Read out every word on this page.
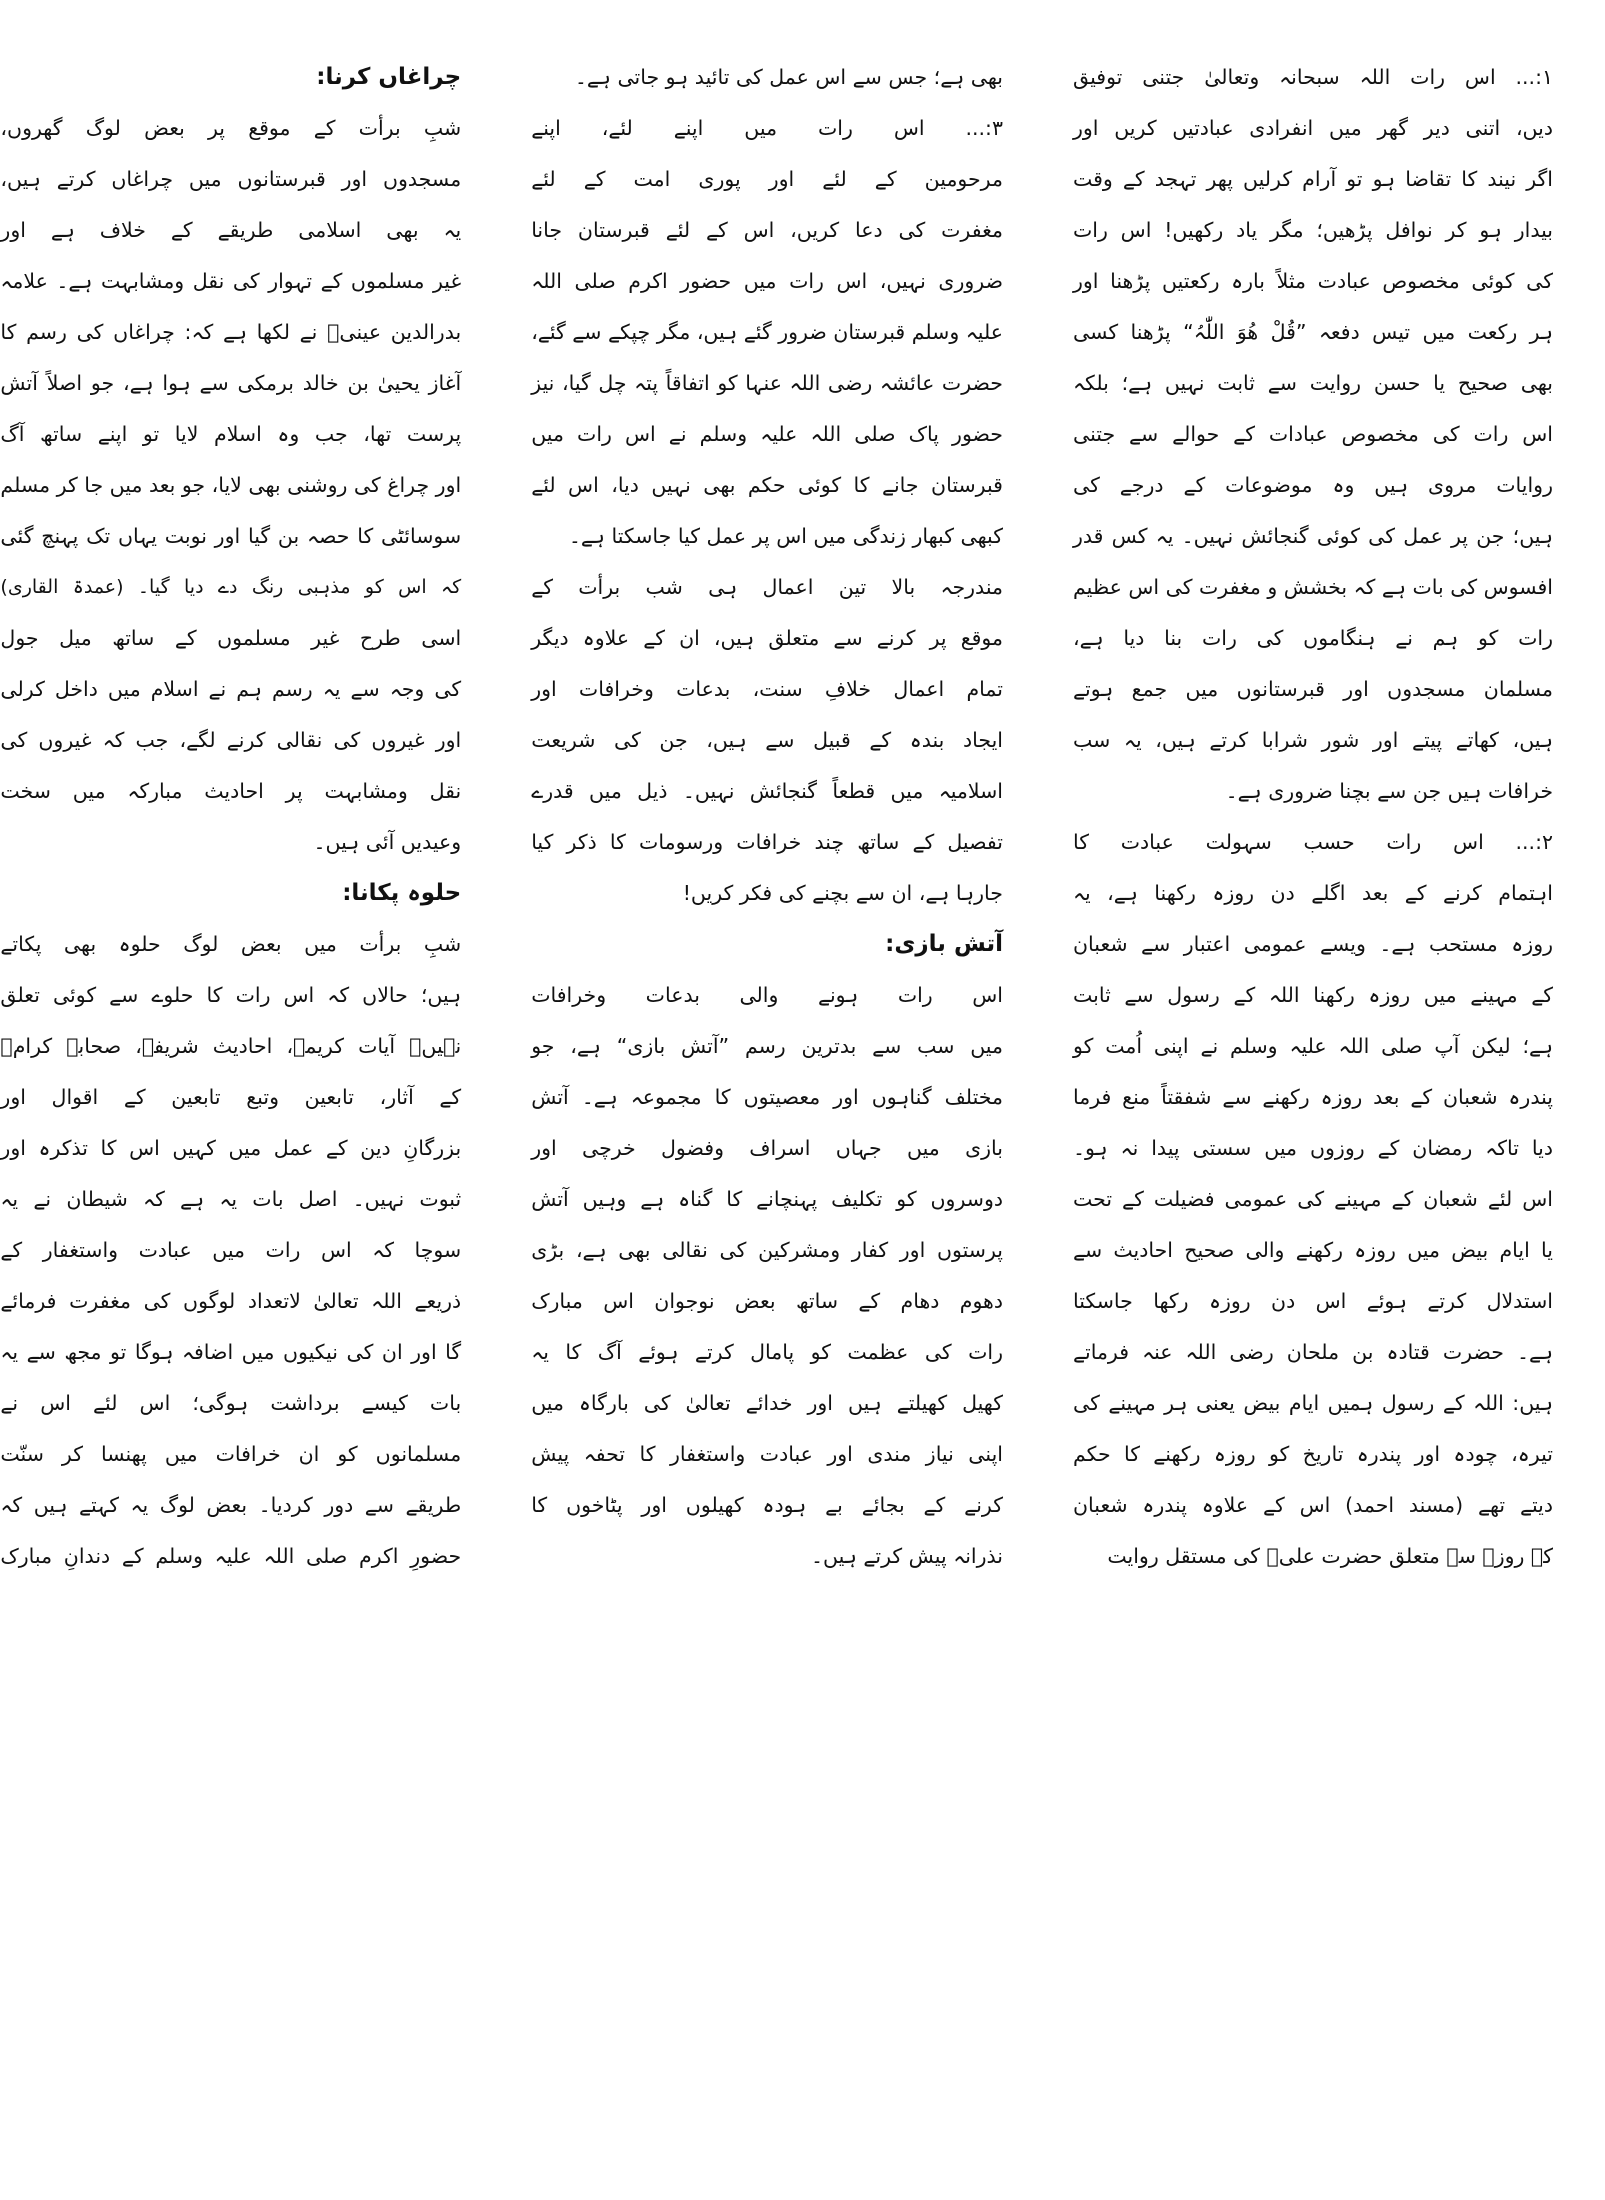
۱:... اس رات اللہ سبحانہ وتعالیٰ جتنی توفیق
دیں، اتنی دیر گھر میں انفرادی عبادتیں کریں اور
اگر نیند کا تقاضا ہو تو آرام کرلیں پھر تہجد کے وقت
بیدار ہو کر نوافل پڑھیں؛ مگر یاد رکھیں! اس رات
کی کوئی مخصوص عبادت مثلاً بارہ رکعتیں پڑھنا اور
ہر رکعت میں تیس دفعہ ”قُلْ ھُوَ اللّٰہُ“ پڑھنا کسی
بھی صحیح یا حسن روایت سے ثابت نہیں ہے؛ بلکہ
اس رات کی مخصوص عبادات کے حوالے سے جتنی
روایات مروی ہیں وہ موضوعات کے درجے کی
ہیں؛ جن پر عمل کی کوئی گنجائش نہیں۔ یہ کس قدر
افسوس کی بات ہے کہ بخشش و مغفرت کی اس عظیم
رات کو ہم نے ہنگاموں کی رات بنا دیا ہے،
مسلمان مسجدوں اور قبرستانوں میں جمع ہوتے
ہیں، کھاتے پیتے اور شور شرابا کرتے ہیں، یہ سب
خرافات ہیں جن سے بچنا ضروری ہے۔
۲:... اس رات حسب سہولت عبادت کا
اہتمام کرنے کے بعد اگلے دن روزہ رکھنا ہے، یہ
روزہ مستحب ہے۔ ویسے عمومی اعتبار سے شعبان
کے مہینے میں روزہ رکھنا اللہ کے رسول سے ثابت
ہے؛ لیکن آپ صلی اللہ علیہ وسلم نے اپنی اُمت کو
پندرہ شعبان کے بعد روزہ رکھنے سے شفقتاً منع فرما
دیا تاکہ رمضان کے روزوں میں سستی پیدا نہ ہو۔
اس لئے شعبان کے مہینے کی عمومی فضیلت کے تحت
یا ایام بیض میں روزہ رکھنے والی صحیح احادیث سے
استدلال کرتے ہوئے اس دن روزہ رکھا جاسکتا
ہے۔ حضرت قتادہ بن ملحان رضی اللہ عنہ فرماتے
ہیں: اللہ کے رسول ہمیں ایام بیض یعنی ہر مہینے کی
تیرہ، چودہ اور پندرہ تاریخ کو روزہ رکھنے کا حکم
دیتے تھے (مسند احمد) اس کے علاوہ پندرہ شعبان
کے روزے سے متعلق حضرت علیؓ کی مستقل روایت
بھی ہے؛ جس سے اس عمل کی تائید ہو جاتی ہے۔
۳:... اس رات میں اپنے لئے، اپنے
مرحومین کے لئے اور پوری امت کے لئے
مغفرت کی دعا کریں، اس کے لئے قبرستان جانا
ضروری نہیں، اس رات میں حضور اکرم صلی اللہ
علیہ وسلم قبرستان ضرور گئے ہیں، مگر چپکے سے گئے،
حضرت عائشہ رضی اللہ عنہا کو اتفاقاً پتہ چل گیا، نیز
حضور پاک صلی اللہ علیہ وسلم نے اس رات میں
قبرستان جانے کا کوئی حکم بھی نہیں دیا، اس لئے
کبھی کبھار زندگی میں اس پر عمل کیا جاسکتا ہے۔
مندرجہ بالا تین اعمال ہی شب برأت کے
موقع پر کرنے سے متعلق ہیں، ان کے علاوہ دیگر
تمام اعمال خلافِ سنت، بدعات وخرافات اور
ایجاد بندہ کے قبیل سے ہیں، جن کی شریعت
اسلامیہ میں قطعاً گنجائش نہیں۔ ذیل میں قدرے
تفصیل کے ساتھ چند خرافات ورسومات کا ذکر کیا
جارہا ہے، ان سے بچنے کی فکر کریں!
آتش بازی:
اس رات ہونے والی بدعات وخرافات
میں سب سے بدترین رسم ”آتش بازی“ ہے، جو
مختلف گناہوں اور معصیتوں کا مجموعہ ہے۔ آتش
بازی میں جہاں اسراف وفضول خرچی اور
دوسروں کو تکلیف پہنچانے کا گناہ ہے وہیں آتش
پرستوں اور کفار ومشرکین کی نقالی بھی ہے، بڑی
دھوم دھام کے ساتھ بعض نوجوان اس مبارک
رات کی عظمت کو پامال کرتے ہوئے آگ کا یہ
کھیل کھیلتے ہیں اور خدائے تعالیٰ کی بارگاہ میں
اپنی نیاز مندی اور عبادت واستغفار کا تحفہ پیش
کرنے کے بجائے بے ہودہ کھیلوں اور پٹاخوں کا
نذرانہ پیش کرتے ہیں۔
چراغاں کرنا:
شبِ برأت کے موقع پر بعض لوگ گھروں،
مسجدوں اور قبرستانوں میں چراغاں کرتے ہیں،
یہ بھی اسلامی طریقے کے خلاف ہے اور
غیر مسلموں کے تہوار کی نقل ومشابہت ہے۔ علامہ
بدرالدین عینیؒ نے لکھا ہے کہ: چراغاں کی رسم کا
آغاز یحییٰ بن خالد برمکی سے ہوا ہے، جو اصلاً آتش
پرست تھا، جب وہ اسلام لایا تو اپنے ساتھ آگ
اور چراغ کی روشنی بھی لایا، جو بعد میں جا کر مسلم
سوسائٹی کا حصہ بن گیا اور نوبت یہاں تک پہنچ گئی
کہ اس کو مذہبی رنگ دے دیا گیا۔ (عمدۃ القاری)
اسی طرح غیر مسلموں کے ساتھ میل جول
کی وجہ سے یہ رسم ہم نے اسلام میں داخل کرلی
اور غیروں کی نقالی کرنے لگے، جب کہ غیروں کی
نقل ومشابہت پر احادیث مبارکہ میں سخت
وعیدیں آئی ہیں۔
حلوہ پکانا:
شبِ برأت میں بعض لوگ حلوہ بھی پکاتے
ہیں؛ حالاں کہ اس رات کا حلوے سے کوئی تعلق
نہیں۔ آیات کریمہ، احادیث شریفہ، صحابہ کرامؓ
کے آثار، تابعین وتبع تابعین کے اقوال اور
بزرگانِ دین کے عمل میں کہیں اس کا تذکرہ اور
ثبوت نہیں۔ اصل بات یہ ہے کہ شیطان نے یہ
سوچا کہ اس رات میں عبادت واستغفار کے
ذریعے اللہ تعالیٰ لاتعداد لوگوں کی مغفرت فرمائے
گا اور ان کی نیکیوں میں اضافہ ہوگا تو مجھ سے یہ
بات کیسے برداشت ہوگی؛ اس لئے اس نے
مسلمانوں کو ان خرافات میں پھنسا کر سنّت
طریقے سے دور کردیا۔ بعض لوگ یہ کہتے ہیں کہ
حضورِ اکرم صلی اللہ علیہ وسلم کے دندانِ مبارک
